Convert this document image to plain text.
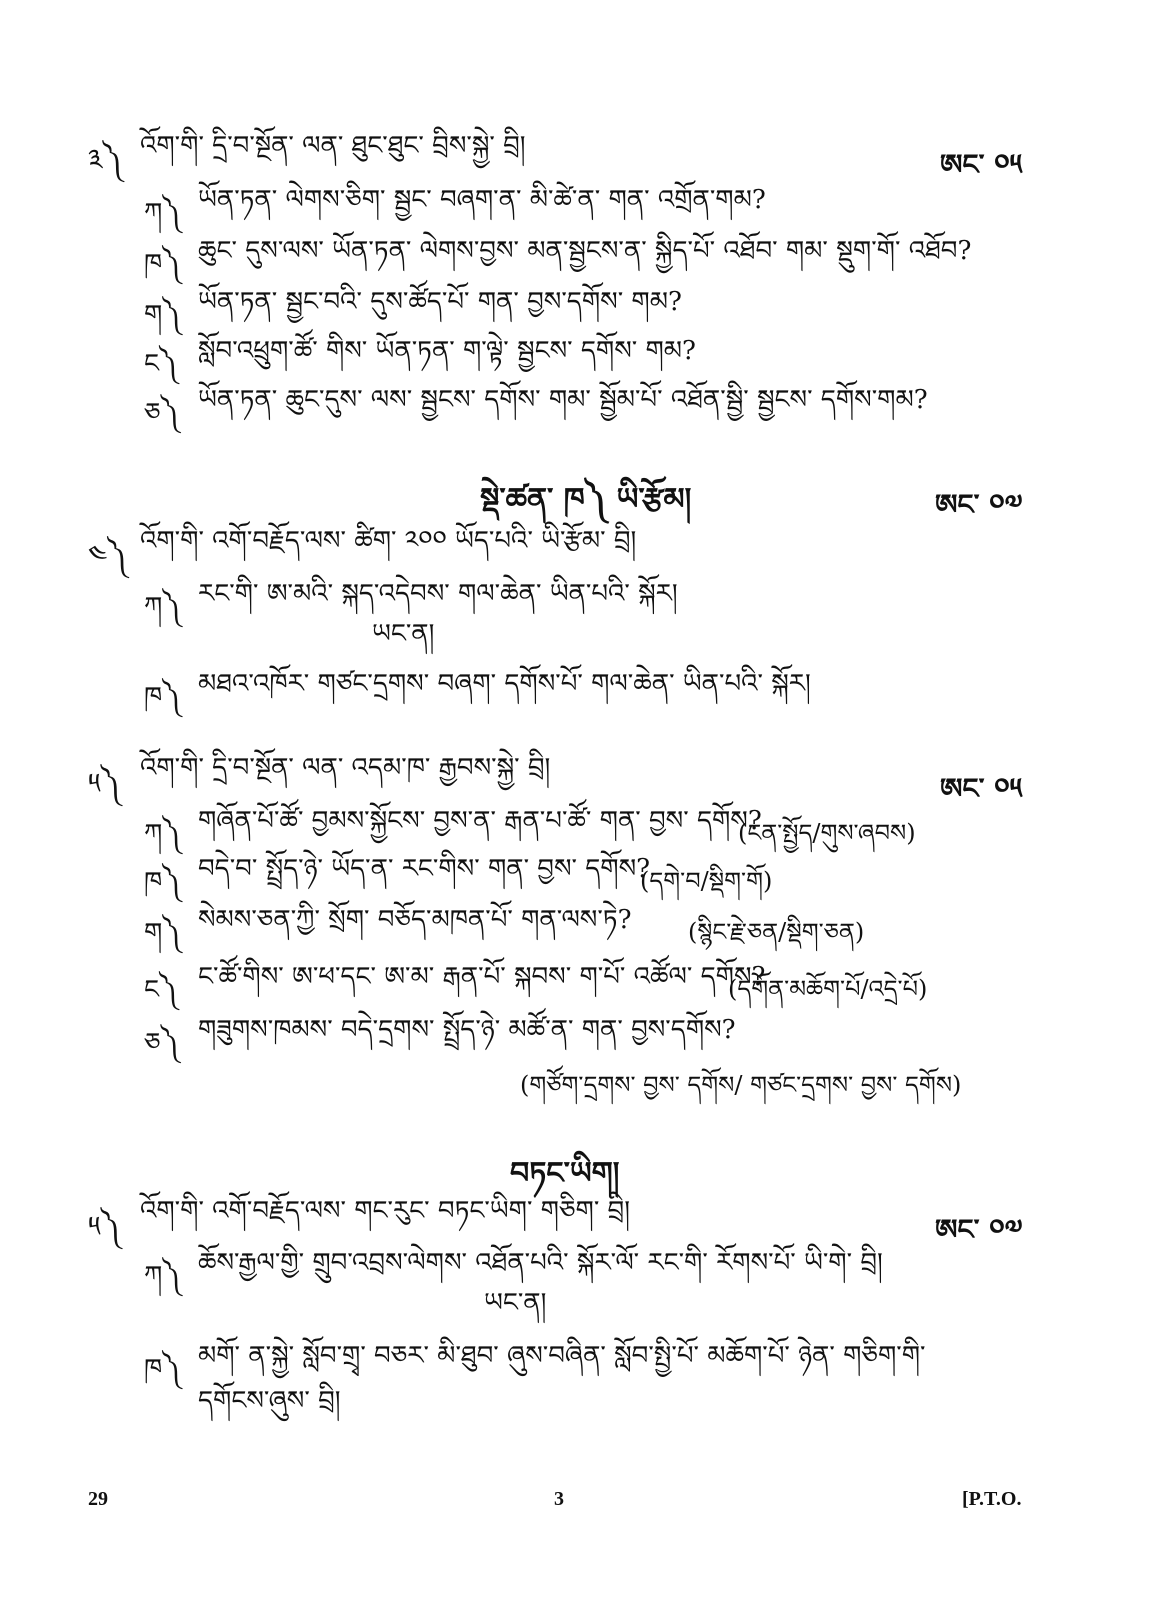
༣༽ འོག་གི་ དྲི་བ་སྔོན་ ལན་ ཐུང་ཐུང་ བྲིས་སྐྱེ་ བྲི།
ཨང་ ༠༥
ཀ༽ ཡོན་ཏན་ ལེགས་ཅིག་ སྦྱང་ བཞག་ན་ མི་ཚེ་ན་ གན་ འགྲོན་གམ?
ཁ༽ ཆུང་ དུས་ལས་ ཡོན་ཏན་ ལེགས་བྱས་ མན་སྦྱངས་ན་ སྐྱིད་པོ་ འཐོབ་ གམ་ སྡུག་གོ་ འཐོབ?
ག༽ ཡོན་ཏན་ སྦྱང་བའི་ དུས་ཚོད་པོ་ གན་ བྱས་དགོས་ གམ?
ང༽ སློབ་འཕྲུག་ཚོ་ གིས་ ཡོན་ཏན་ ག་ལྟེ་ སྦྱངས་ དགོས་ གམ?
ཅ༽ ཡོན་ཏན་ ཆུང་དུས་ ལས་ སྦྱངས་ དགོས་ གམ་ སྦྱོམ་པོ་ འཐོན་སྦྱི་ སྦྱངས་ དགོས་གམ?
སྡེ་ཚན་ ཁ༽ ཡི་རྩོམ།	ཨང་ ༠༧
༤༽ འོག་གི་ འགོ་བརྗོད་ལས་ ཚིག་ ༢༠༠ ཡོད་པའི་ ཡི་རྩོམ་ བྲི།
ཀ༽ རང་གི་ ཨ་མའི་ སྐད་འདེབས་ གལ་ཆེན་ ཡིན་པའི་ སྐོར།
ཡང་ན།
ཁ༽ མཐའ་འཁོར་ གཙང་དྲགས་ བཞག་ དགོས་པོ་ གལ་ཆེན་ ཡིན་པའི་ སྐོར།
༥༽ འོག་གི་ དྲི་བ་སྔོན་ ལན་ འདམ་ཁ་ རྒྱབས་སྐྱེ་ བྲི།
ཨང་ ༠༥
ཀ༽ གཞོན་པོ་ཚོ་ བྱམས་སྐྱོངས་ བྱས་ན་ རྒན་པ་ཚོ་ གན་ བྱས་ དགོས?
(ངན་སྤྱོད/གུས་ཞབས)
ཁ༽ བདེ་བ་ སྤྲོད་ཉེ་ ཡོད་ན་ རང་གིས་ གན་ བྱས་ དགོས?
(དགེ་བ/སྡིག་གོ)
ག༽ སེམས་ཅན་ཀྱི་ སྲོག་ བཅོད་མཁན་པོ་ གན་ལས་ཏེ? (སྙིང་རྗེ་ཅན/སྡིག་ཅན)
ང༽ ང་ཚོ་གིས་ ཨ་ཕ་དང་ ཨ་མ་ རྒན་པོ་ སྐབས་ ག་པོ་ འཚོལ་ དགོས?
(དགོན་མཆོག་པོ/འདྲེ་པོ)
ཅ༽ གཟུགས་ཁམས་ བདེ་དྲགས་ སྤྲོད་ཉེ་ མཚོ་ན་ གན་ བྱས་དགོས?
(གཙོག་དྲགས་ བྱས་ དགོས/ གཙང་དྲགས་ བྱས་ དགོས)
བཏང་ཡིག།
༥༽ འོག་གི་ འགོ་བརྗོད་ལས་ གང་རུང་ བཏང་ཡིག་ གཅིག་ བྲི།
ཨང་ ༠༧
ཀ༽ ཆོས་རྒྱལ་གྱི་ གྲུབ་འབྲས་ལེགས་ འཐོན་པའི་ སྐོར་ལོ་ རང་གི་ རོགས་པོ་ ཡི་གེ་ བྲི།
ཡང་ན།
ཁ༽ མགོ་ ན་སྐྱེ་ སློབ་གྲྭ་ བཅར་ མི་ཐུབ་ ཞུས་བཞིན་ སློབ་སྤྱི་པོ་ མཆོག་པོ་ ཉེན་ གཅིག་གི་
དགོངས་ཞུས་ བྲི།
29	3	[P.T.O.
